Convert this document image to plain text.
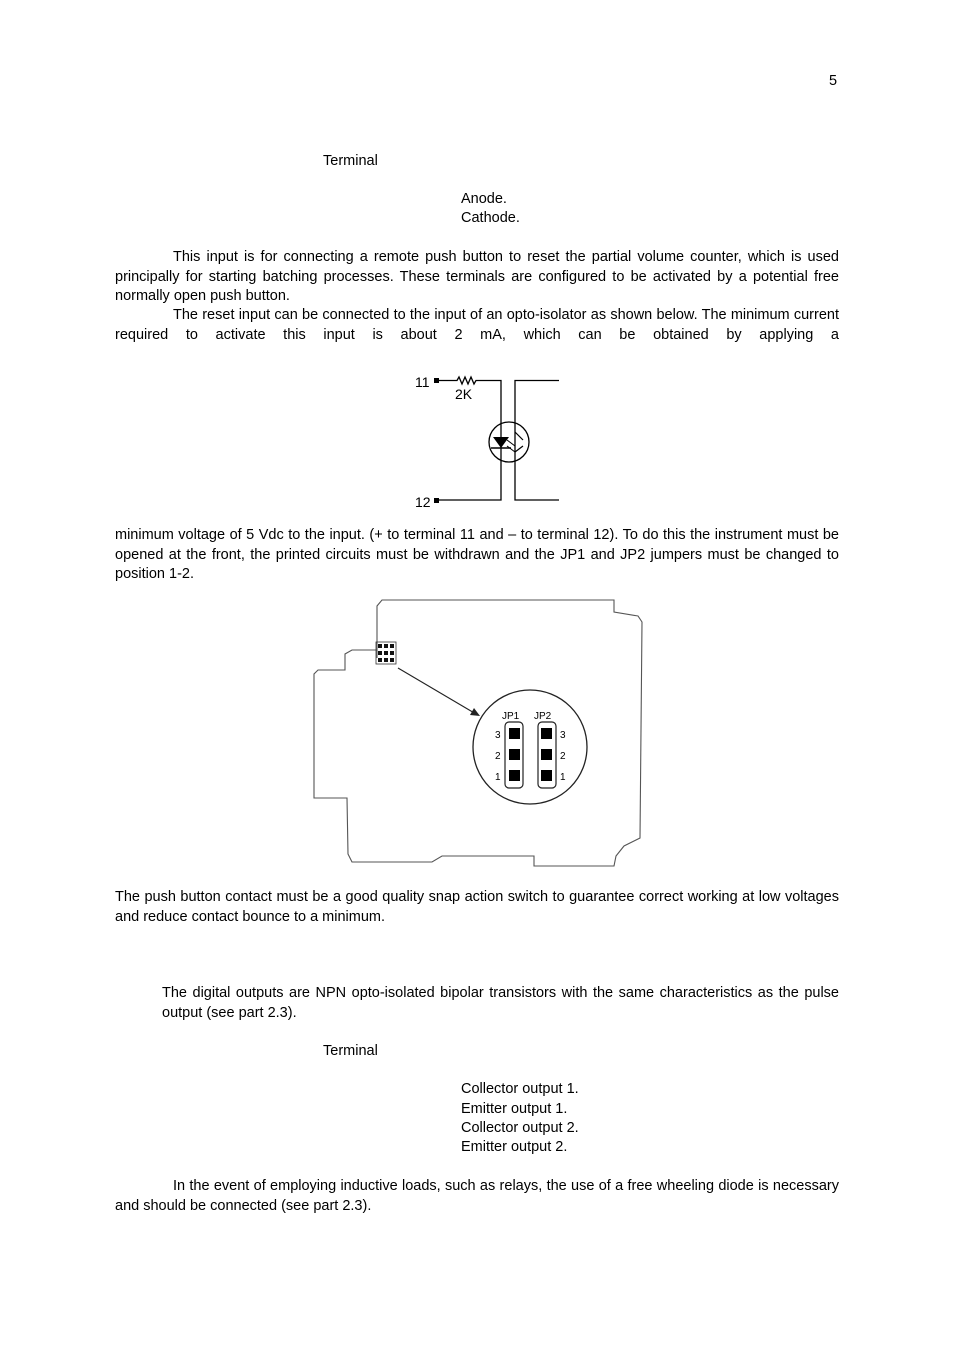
5
Terminal
Anode.
Cathode.
This input is for connecting a remote push button to reset the partial volume counter, which is used principally for starting batching processes. These terminals are configured to be activated by a potential free normally open push button.
The reset input can be connected to the input of an opto-isolator as shown below. The minimum current required to activate this input is about 2 mA, which can be obtained by applying a
11
12
2K
minimum voltage of 5 Vdc to the input. (+ to terminal 11 and – to terminal 12). To do this the instrument must be opened at the front, the printed circuits must be withdrawn and the JP1 and JP2 jumpers must be changed to position 1-2.
JP1 JP2
3
2
1
3
2
1
The push button contact must be a good quality snap action switch to guarantee correct working at low voltages and reduce contact bounce to a minimum.
The digital outputs are NPN opto-isolated bipolar transistors with the same characteristics as the pulse output (see part 2.3).
Terminal
Collector output 1.
Emitter output 1.
Collector output 2.
Emitter output 2.
In the event of employing inductive loads, such as relays, the use of a free wheeling diode is necessary and should be connected (see part 2.3).
